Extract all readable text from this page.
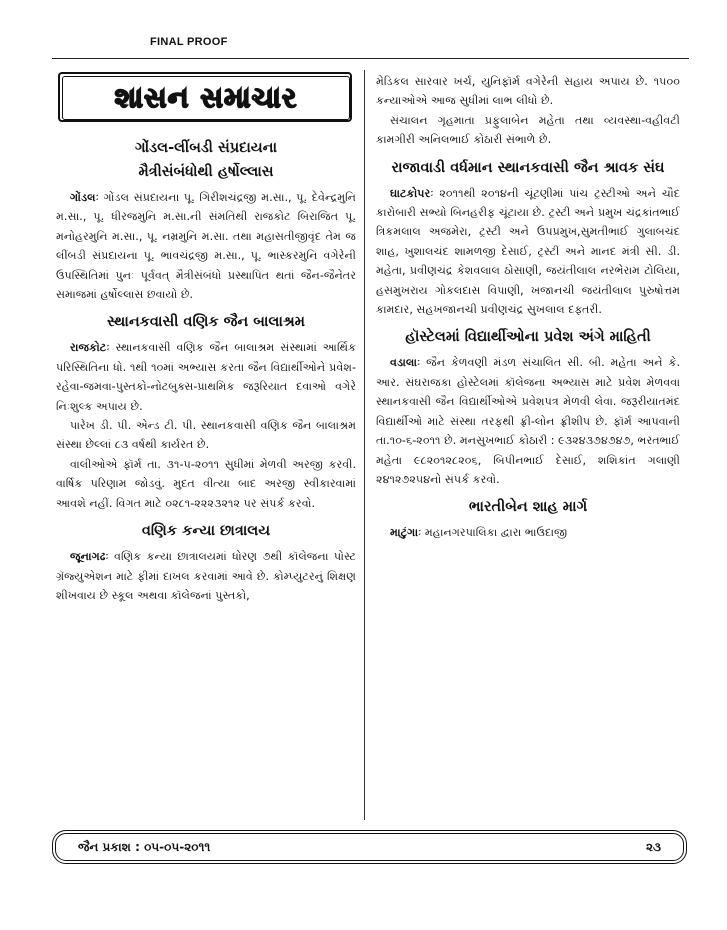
FINAL PROOF
શાસન સમાચાર
ગોંડલ-લીંબડી સંપ્રદાયના
મૈત્રીસંબંધોથી હર્ષોલ્લાસ

ગોંડલઃ ગોંડલ સંપ્રદાયના પૂ. ગિરીશચંદ્રજી મ.સા., પૂ. દેવેન્દ્રમુનિ મ.સા., પૂ. ધીરજમુનિ મ.સા.ની સંમતિથી રાજકોટ બિરાજિત પૂ. મનોહરમુનિ મ.સા., પૂ. નમ્રમુનિ મ.સા. તથા મહાસતીજીવૃંદ તેમ જ લીંબડી સંપ્રદાયના પૂ. ભાવચંદ્રજી મ.સા., પૂ. ભાસ્કરમુનિ વગેરેની ઉપસ્થિતિમાં પુનઃ પૂર્વવત્ મૈત્રીસંબંધો પ્રસ્થાપિત થતાં જૈન-જૈનેતર સમાજમાં હર્ષોલ્લાસ છવાયો છે.

સ્થાનકવાસી વણિક જૈન બાલાશ્રમ

રાજકોટઃ સ્થાનકવાસી વણિક જૈન બાલાશ્રમ સંસ્થામાં આર્થિક પરિસ્થિતિના ધો. ૧થી ૧૦માં અભ્યાસ કરતા જૈન વિદ્યાર્થીઓને પ્રવેશ-રહેવા-જમવા-પુસ્તકો-નોટબુક્સ-પ્રાથમિક જરૂરિયાત દવાઓ વગેરે નિઃશુલ્ક અપાય છે.

પારેખ ડી. પી. એન્ડ ટી. પી. સ્થાનકવાસી વણિક જૈન બાલાશ્રમ સંસ્થા છેલ્લાં ૮૩ વર્ષથી કાર્યરત છે.

વાલીઓએ ફૉર્મ તા. ૩૧-૫-૨૦૧૧ સુધીમાં મેળવી અરજી કરવી. વાર્ષિક પરિણામ જોડવું. મુદત વીત્યા બાદ અરજી સ્વીકારવામાં આવશે નહીં. વિગત માટે ૦૨૮૧-૨૨૨૩૨૧૨ પર સંપર્ક કરવો.

વણિક કન્યા છાત્રાલય

જૂનાગઢઃ વણિક કન્યા છાત્રાલયમાં ધોરણ ૭થી કૉલેજના પોસ્ટ ગ્રૅજ્યુએશન માટે ફીમાં દાખલ કરવામાં આવે છે. કોમ્પ્યુટરનું શિક્ષણ શીખવાય છે સ્કૂલ અથવા કૉલેજનાં પુસ્તકો,

મેડિકલ સારવાર ખર્ચ, યુનિફૉર્મ વગેરેની સહાય અપાય છે. ૧૫૦૦ કન્યાઓએ આજ સુધીમાં લાભ લીધો છે.

સંચાલન ગૃહમાતા પ્રફુલાબેન મહેતા તથા વ્યવસ્થા-વહીવટી કામગીરી અનિલભાઈ કોઠારી સંભાળે છે.

રાજાવાડી વર્ધમાન સ્થાનકવાસી જૈન શ્રાવક સંઘ

ઘાટકોપરઃ ૨૦૧૧થી ૨૦૧૪ની ચૂંટણીમાં પાંચ ટ્રસ્ટીઓ અને ચૌદ કારોબારી સભ્યો બિનહરીફ ચૂંટાયા છે. ટ્રસ્ટી અને પ્રમુખ ચંદ્રકાંતભાઈ ત્રિકમલાલ અજમેરા, ટ્રસ્ટી અને ઉપપ્રમુખ,સુમતીભાઈ ગુલાબચંદ શાહ, ખુશાલચંદ શામળજી દેસાઈ, ટ્રસ્ટી અને માનદ મંત્રી સી. ડી. મહેતા, પ્રવીણચંદ્ર કેશવલાલ ઠોસાણી, જયંતીલાલ નરભેરામ ટોલિયા, હસમુખરાય ગોકલદાસ વિપાણી, ખજાનચી જયંતીલાલ પુરુષોત્તમ કામદાર, સહખજાનચી પ્રવીણચંદ્ર સુખલાલ દફ્તરી.

હૉસ્ટેલમાં વિદ્યાર્થીઓના પ્રવેશ અંગે માહિતી

વડાલાઃ જૈન કેળવણી મંડળ સંચાલિત સી. બી. મહેતા અને કે. આર. સંઘરાજકા હોસ્ટેલમાં કૉલેજના અભ્યાસ માટે પ્રવેશ મેળવવા સ્થાનકવાસી જૈન વિદ્યાર્થીઓએ પ્રવેશપત્ર મેળવી લેવા. જરૂરીયાતમંદ વિદ્યાર્થીઓ માટે સંસ્થા તરફથી ફ્રી-લોન ફ્રીશીપ છે. ફૉર્મ આપવાની તા.૧૦-૬-૨૦૧૧ છે. મનસુખભાઈ કોઠારી : ૯૩૨૪૩૭૪૭૪૭, ભરતભાઈ મહેતા ૯૮૨૦૧૨૮૨૦૬, બિપીનભાઈ દેસાઈ, શશિકાંત ગલાણી ૨૪૧૨૭૨૫૪નો સંપર્ક કરવો.

ભારતીબેન શાહ માર્ગ

માટુંગાઃ મહાનગરપાલિકા દ્વારા ભાઉદાજી

જૈન પ્રકાશ : ૦૫-૦૫-૨૦૧૧	૨૩
